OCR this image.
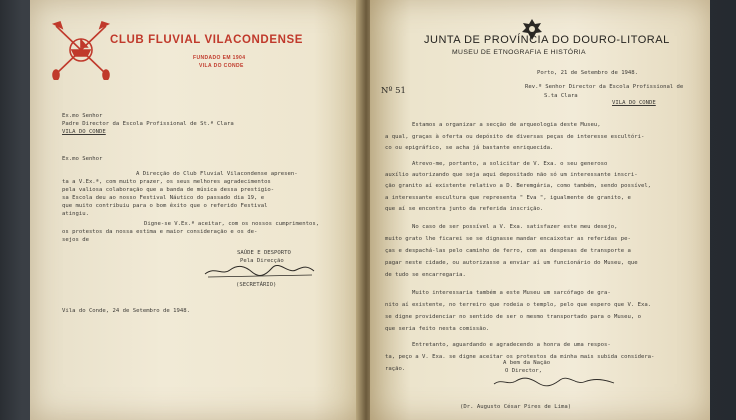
CLUB FLUVIAL VILACONDENSE
FUNDADO EM 1904
VILA DO CONDE
Ex.mo Senhor
Padre Director da Escola Profissional de St.ª Clara
VILA DO CONDE
Ex.mo Senhor
A Direcção do Club Fluvial Vilacondense apresen-
ta a V.Ex.ª, com muito prazer, os seus melhores agradecimentos
pela valiosa colaboração que a banda de música dessa prestigio-
sa Escola deu ao nosso Festival Náutico do passado dia 19, e
que muito contribuiu para o bom êxito que o referido Festival
atingiu.
Digne-se V.Ex.ª aceitar, com os nossos cumprimentos,
os protestos da nossa estima e maior consideração e os de-
sejos de
SAÚDE E DESPORTO
Pela Direcção
(SECRETÁRIO)
Vila do Conde, 24 de Setembro de 1948.
JUNTA DE PROVÍNCIA DO DOURO-LITORAL
MUSEU DE ETNOGRAFIA E HISTÓRIA
Porto, 21 de Setembro de 1948.
Nº 51	Rev.º Senhor Director da Escola Profissional de
S.ta Clara
VILA DO CONDE
Estamos a organizar a secção de arqueologia deste Museu,
a qual, graças à oferta ou depósito de diversas peças de interesse escultóri-
co ou epigráfico, se acha já bastante enriquecida.
Atrevo-me, portanto, a solicitar de V. Exa. o seu generoso
auxílio autorizando que seja aqui depositado não só um interessante inscri-
ção granito aí existente relativo a D. Beremgária, como também, sendo possível,
a interessante escultura que representa " Eva ", igualmente de granito, e
que aí se encontra junto da referida inscrição.
No caso de ser possível a V. Exa. satisfazer este meu desejo,
muito grato lhe ficarei se se dignasse mandar encaixotar as referidas pe-
ças e despachá-las pelo caminho de ferro, com as despesas de transporte a
pagar neste cidade, ou autorizasse a enviar aí um funcionário do Museu, que
de tudo se encarregaria.
Muito interessaria também a este Museu um sarcófago de gra-
nito aí existente, no terreiro que rodeia o templo, pelo que espero que V. Exa.
se digne providenciar no sentido de ser o mesmo transportado para o Museu, o
que seria feito nesta comissão.
Entretanto, aguardando e agradecendo a honra de uma respos-
ta, peço a V. Exa. se digne aceitar os protestos da minha mais subida considera-
ração.
A bem da Nação
O Director,
(Dr. Augusto César Pires de Lima)
